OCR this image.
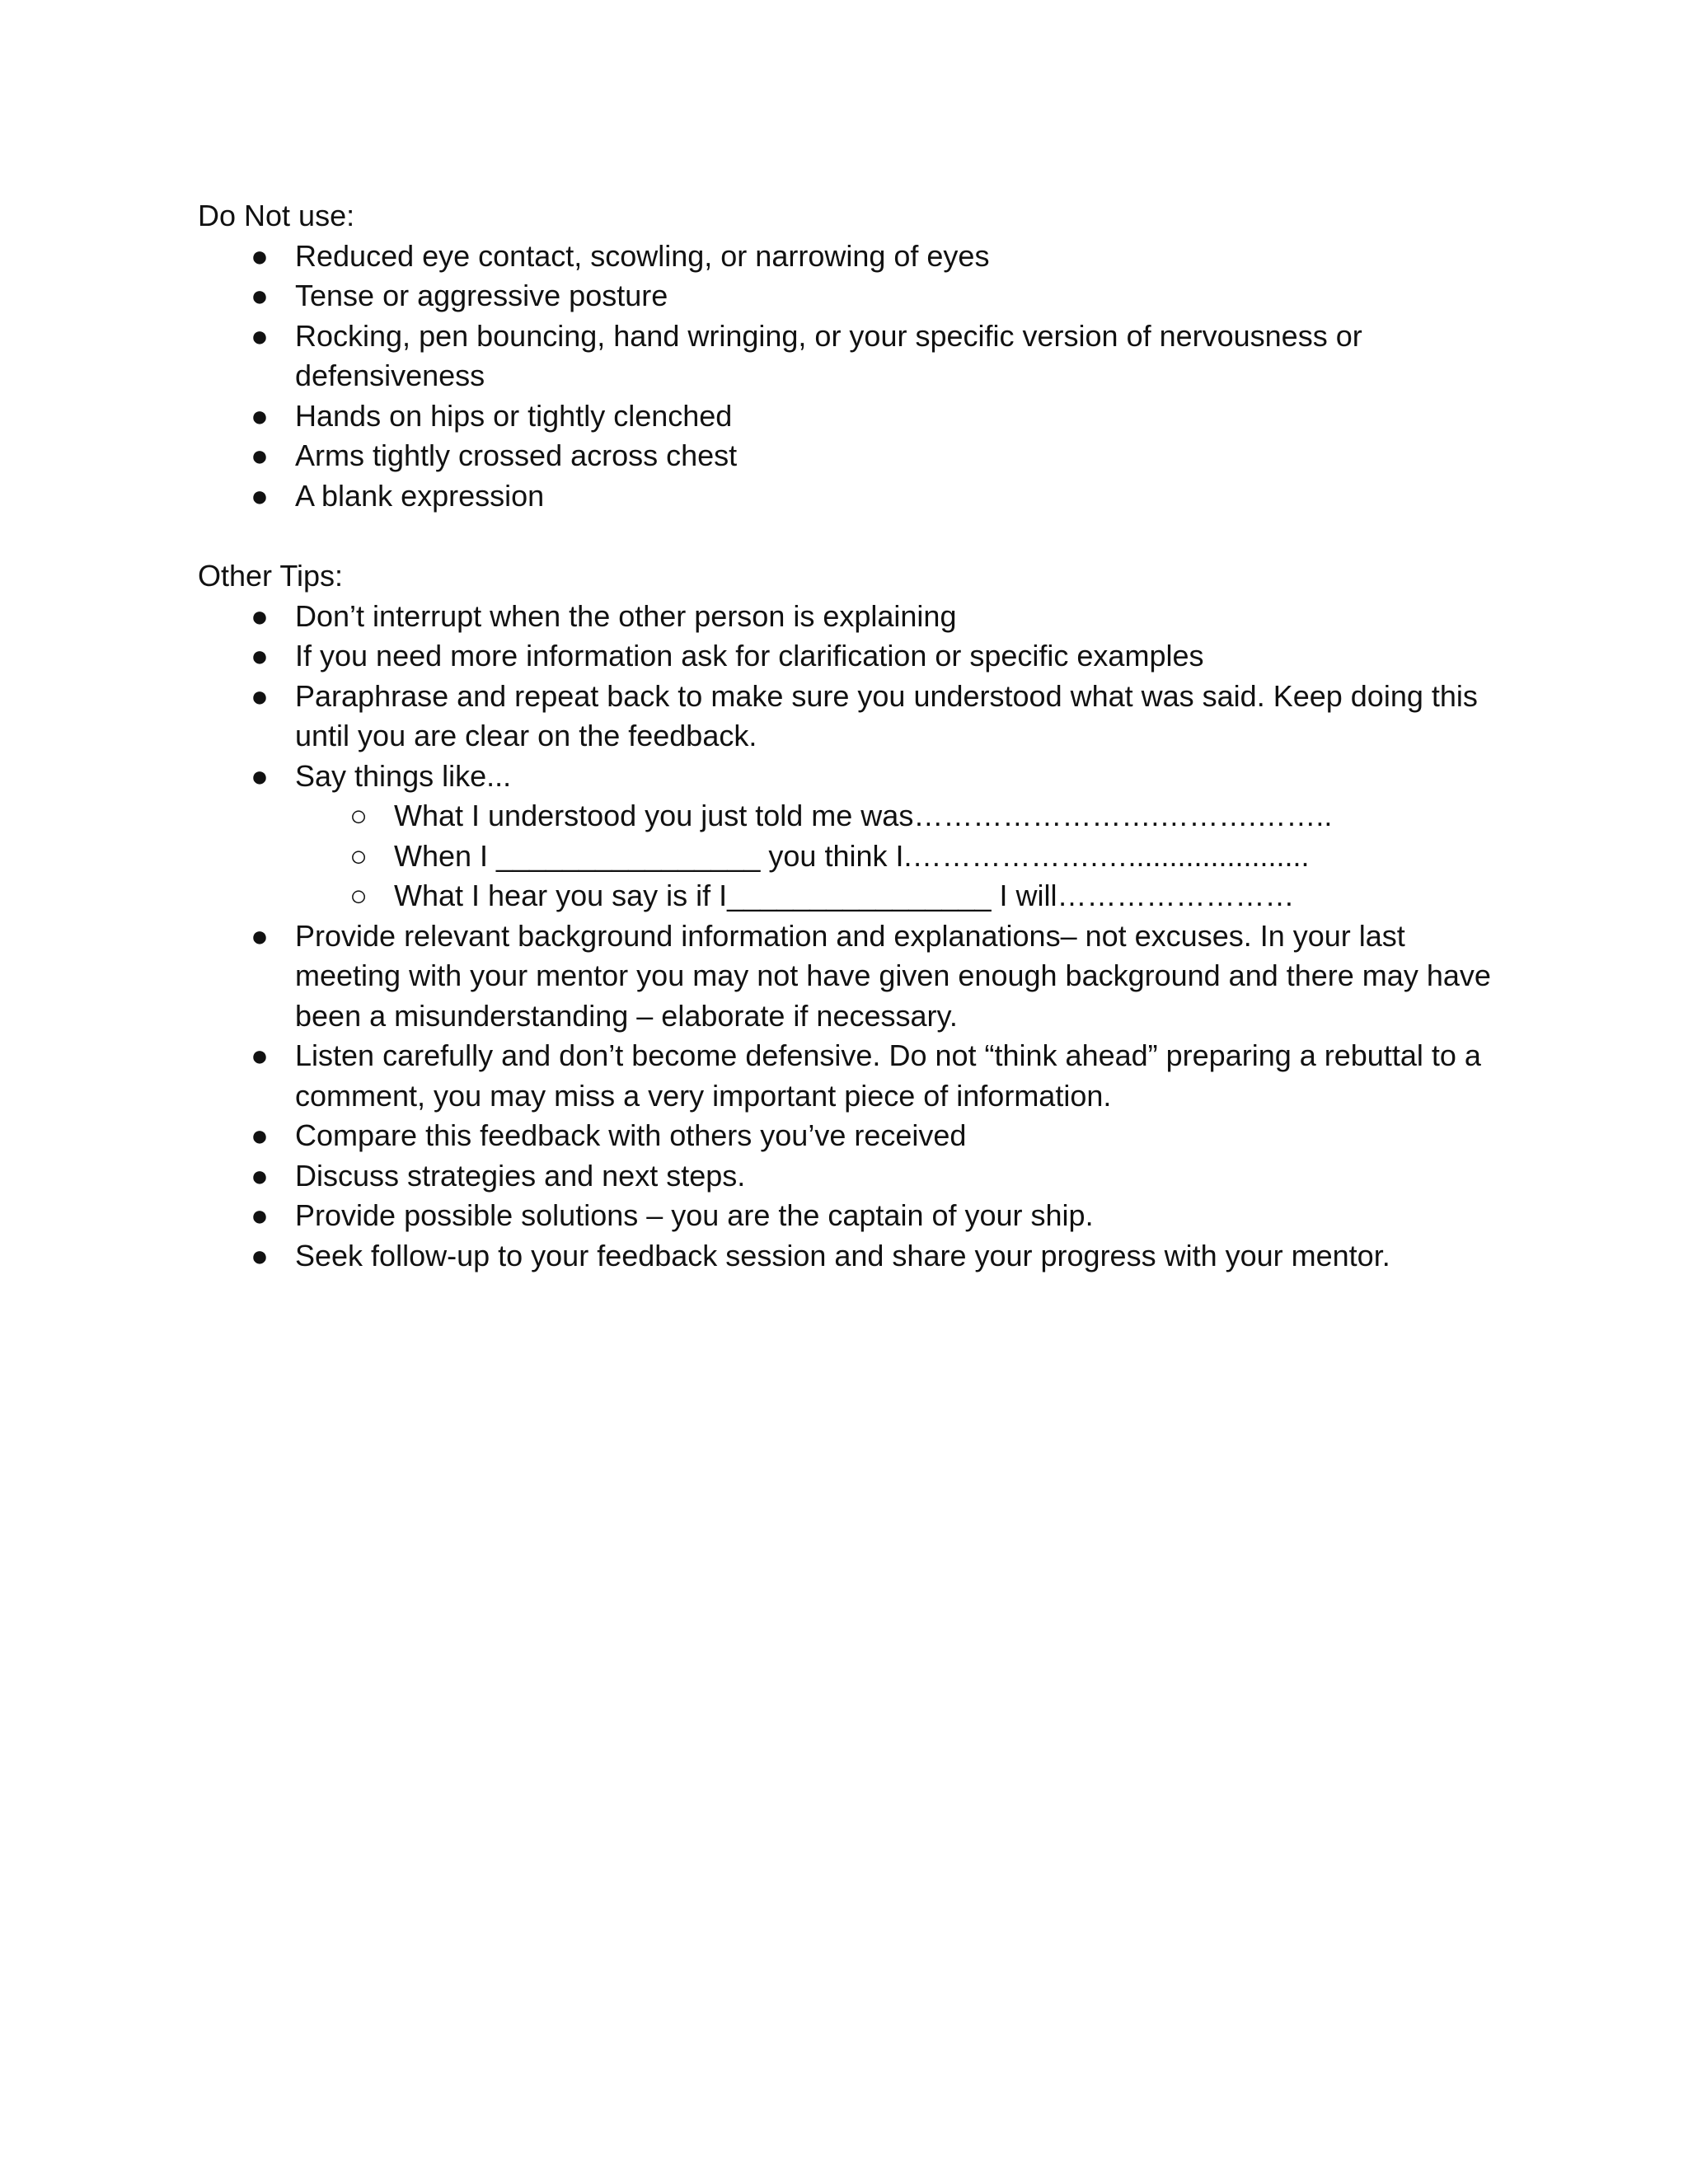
Do Not use:

● Reduced eye contact, scowling, or narrowing of eyes
● Tense or aggressive posture
● Rocking, pen bouncing, hand wringing, or your specific version of nervousness or defensiveness
● Hands on hips or tightly clenched
● Arms tightly crossed across chest
● A blank expression

Other Tips:

● Don’t interrupt when the other person is explaining
● If you need more information ask for clarification or specific examples
● Paraphrase and repeat back to make sure you understood what was said. Keep doing this until you are clear on the feedback.
● Say things like...
○ What I understood you just told me was…………………….……….……..
○ When I ________________ you think I.……………….…......................
○ What I hear you say is if I________________ I will……………………
● Provide relevant background information and explanations– not excuses. In your last meeting with your mentor you may not have given enough background and there may have been a misunderstanding – elaborate if necessary.
● Listen carefully and don’t become defensive. Do not “think ahead” preparing a rebuttal to a comment, you may miss a very important piece of information.
● Compare this feedback with others you’ve received
● Discuss strategies and next steps.
● Provide possible solutions – you are the captain of your ship.
● Seek follow-up to your feedback session and share your progress with your mentor.
